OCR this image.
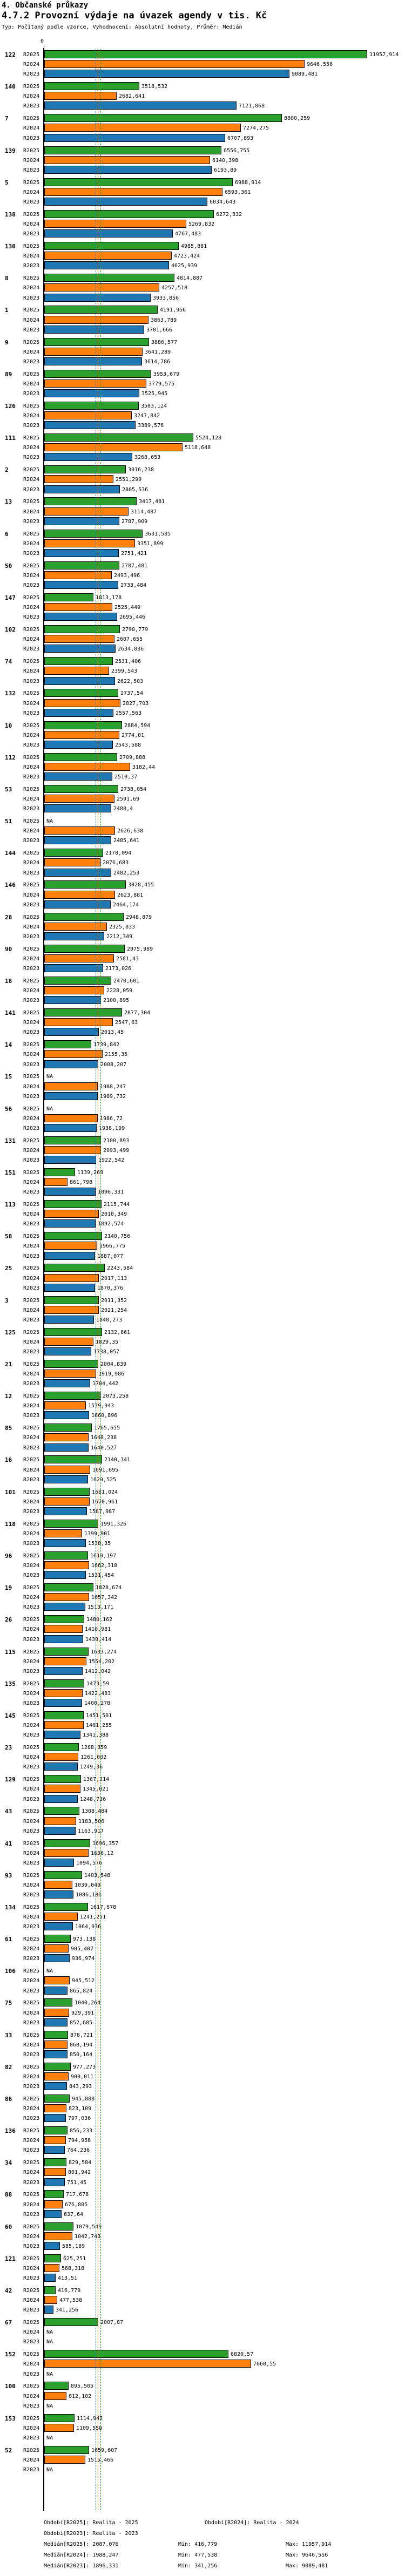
4. Občanské průkazy
4.7.2 Provozní výdaje na úvazek agendy v tis. Kč
Typ: Počítaný podle vzorce, Vyhodnocení: Absolutní hodnoty, Průměr: Medián
0
122 R2025	11957,914
R2024	9646,556
R2023	9089,481
140 R2025	3518,532
R2024	2682,641
R2023	7121,868
7	R2025	8800,259
R2024	7274,275
R2023	6707,893
139 R2025	6556,755
R2024	6140,398
R2023	6193,89
5	R2025	6988,914
R2024	6593,361
R2023	6034,643
138 R2025	6272,332
R2024	5269,832
R2023	4767,483
130 R2025	4985,881
R2024	4723,424
R2023	4625,939
8	R2025	4814,887
R2024	4257,518
R2023	3933,856
1	R2025	4191,956
R2024	3863,789
R2023	3701,666
9	R2025	3886,577
R2024	3641,289
R2023	3614,786
89 R2025	3953,679
R2024	3779,575
R2023	3525,945
126 R2025	3503,124
R2024	3247,842
R2023	3389,576
111 R2025	5524,128
R2024	5118,648
R2023	3268,653
2	R2025	3016,238
R2024	2551,299
R2023	2805,536
13 R2025	3417,481
R2024	3114,487
R2023	2787,909
6	R2025	3631,585
R2024	3351,899
R2023	2751,421
50 R2025	2787,481
R2024	2493,496
R2023	2733,484
147 R2025	1813,178
R2024	2525,449
R2023	2695,446
102 R2025	2790,779
R2024	2607,655
R2023	2634,836
74 R2025	2531,406
R2024	2399,543
R2023	2622,503
132 R2025	2737,54
R2024	2827,703
R2023	2557,563
10 R2025	2884,594
R2024	2774,01
R2023	2543,588
112 R2025	2709,888
R2024	3182,44
R2023	2510,37
53 R2025	2738,054
R2024	2591,69
R2023	2488,4
51 R2025 NA
R2024	2626,638
R2023	2485,641
144 R2025	2178,094
R2024	2076,683
R2023	2482,253
146 R2025	3028,455
R2024	2623,881
R2023	2464,174
28 R2025	2948,879
R2024	2325,833
R2023	2212,349
90 R2025	2975,989
R2024	2581,43
R2023	2173,026
18 R2025	2470,601
R2024	2228,059
R2023	2100,895
141 R2025	2877,304
R2024	2547,63
R2023	2013,45
14 R2025	1739,842
R2024	2155,35
R2023	2008,207
15 R2025 NA
R2024	1988,247
R2023	1989,732
56 R2025 NA
R2024	1986,72
R2023	1938,199
131 R2025	2100,893
R2024	2093,499
R2023	1922,542
151 R2025	1139,268
R2024	861,798
R2023	1896,331
113 R2025	2115,744
R2024	2010,349
R2023	1892,574
58 R2025	2140,756
R2024	1966,775
R2023	1887,077
25 R2025	2243,584
R2024	2017,113
R2023	1870,376
3	R2025	2011,352
R2024	2021,254
R2023	1848,273
125 R2025	2132,861
R2024	1829,35
R2023	1738,057
21 R2025	2004,839
R2024	1919,986
R2023	1704,442
12 R2025	2073,258
R2024	1539,943
R2023	1660,896
85 R2025	1765,655
R2024	1648,238
R2023	1640,527
16 R2025	2140,341
R2024	1691,695
R2023	1629,525
101 R2025	1681,024
R2024	1670,961
R2023	1587,987
118 R2025	1991,326
R2024	1399,901
R2023	1538,35
96 R2025	1619,197
R2024	1662,318
R2023	1531,454
19 R2025	1828,674
R2024	1657,342
R2023	1513,171
26 R2025	1480,162
R2024	1410,981
R2023	1430,414
115 R2025	1633,274
R2024	1554,202
R2023	1412,042
135 R2025	1473,59
R2024	1422,483
R2023	1400,278
145 R2025	1451,501
R2024	1461,255
R2023	1341,388
23 R2025	1288,359
R2024	1261,002
R2023	1249,36
129 R2025	1367,214
R2024	1345,021
R2023	1248,736
43 R2025	1308,484
R2024	1183,506
R2023	1163,917
41 R2025	1696,357
R2024	1636,12
R2023	1094,576
93 R2025	1403,548
R2024	1039,049
R2023	1086,186
134 R2025	1617,678
R2024	1241,251
R2023	1064,036
61 R2025	973,138
R2024	905,407
R2023	936,974
106 R2025 NA
R2024	945,512
R2023	865,824
75 R2025	1040,264
R2024	929,391
R2023	852,685
33 R2025	878,721
R2024	860,194
R2023	850,164
82 R2025	977,273
R2024	900,011
R2023	843,293
86 R2025	945,888
R2024	823,109
R2023	797,036
136 R2025	856,233
R2024	794,958
R2023	764,236
34 R2025	829,584
R2024	801,942
R2023	751,45
88 R2025	717,678
R2024	676,805
R2023	637,64
60 R2025	1079,549
R2024	1042,743
R2023	585,189
121 R2025	625,251
R2024	568,318
R2023	413,51
42 R2025	416,779
R2024	477,538
R2023	341,256
67 R2025	2007,87
R2024 NA
R2023 NA
152 R2025	6820,57
R2024	7660,55
R2023 NA
100 R2025	895,505
R2024	812,102
R2023 NA
153 R2025	1114,942
R2024	1109,558
R2023 NA
52 R2025	1659,607
R2024	1515,466
R2023 NA
Období[R2025]: Realita - 2025	Období[R2024]: Realita - 2024
Období[R2023]: Realita - 2023
Medián[R2025]: 2087,076	Min: 416,779	Max: 11957,914
Medián[R2024]: 1988,247	Min: 477,538	Max: 9646,556
Medián[R2023]: 1896,331	Min: 341,256	Max: 9089,481
